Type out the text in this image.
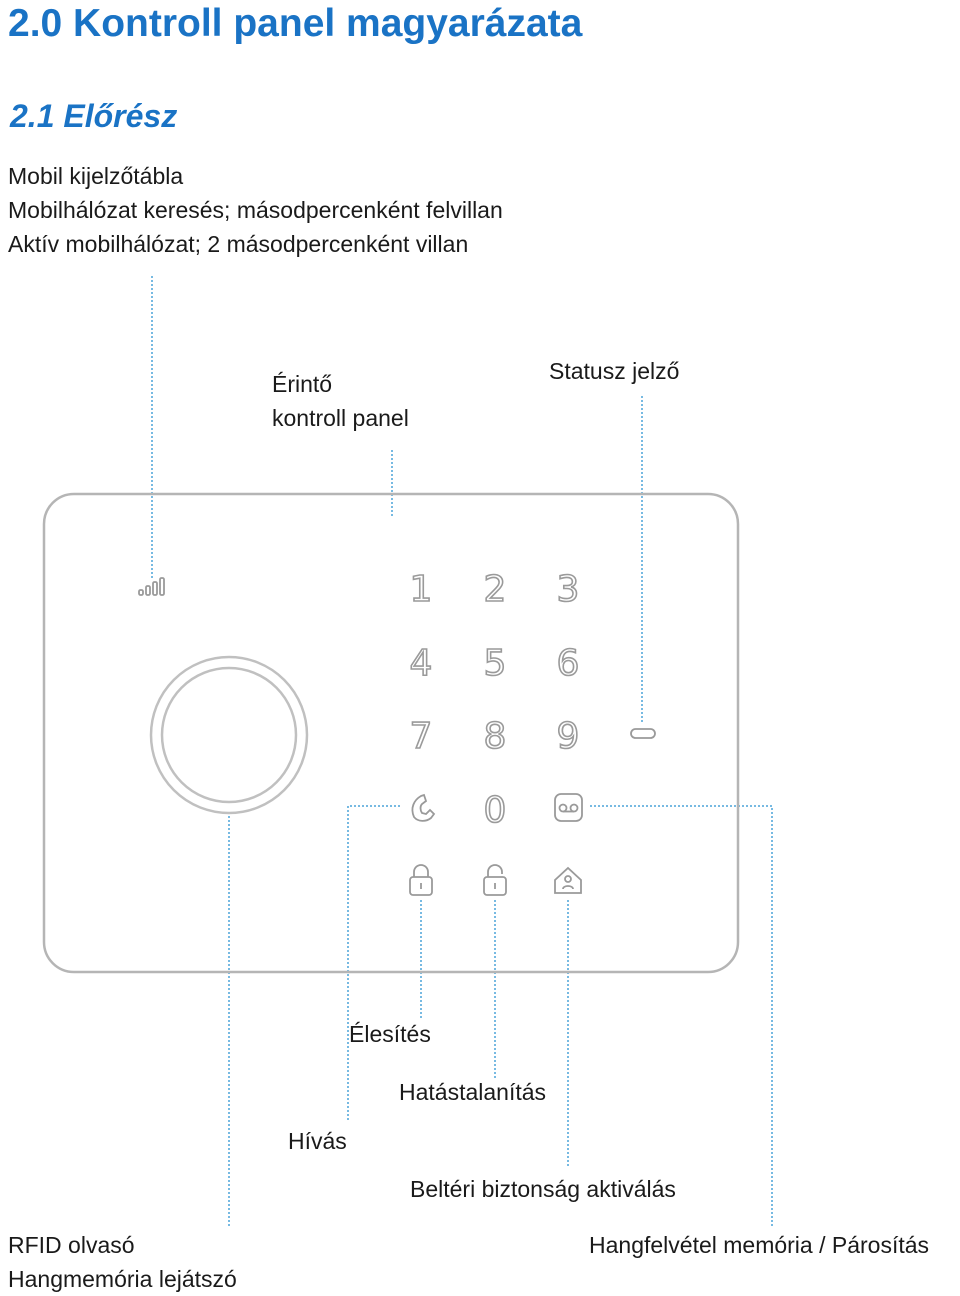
2.0 Kontroll panel magyarázata
2.1 Előrész
Mobil kijelzőtábla
Mobilhálózat keresés; másodpercenként felvillan
Aktív mobilhálózat; 2 másodpercenként villan
1 2 3
4 5 6
7 8 9
0
Érintő
kontroll panel
Statusz jelző
Élesítés
Hatástalanítás
Hívás
Beltéri biztonság aktiválás
RFID olvasó
Hangmemória lejátszó
Hangfelvétel memória / Párosítás
